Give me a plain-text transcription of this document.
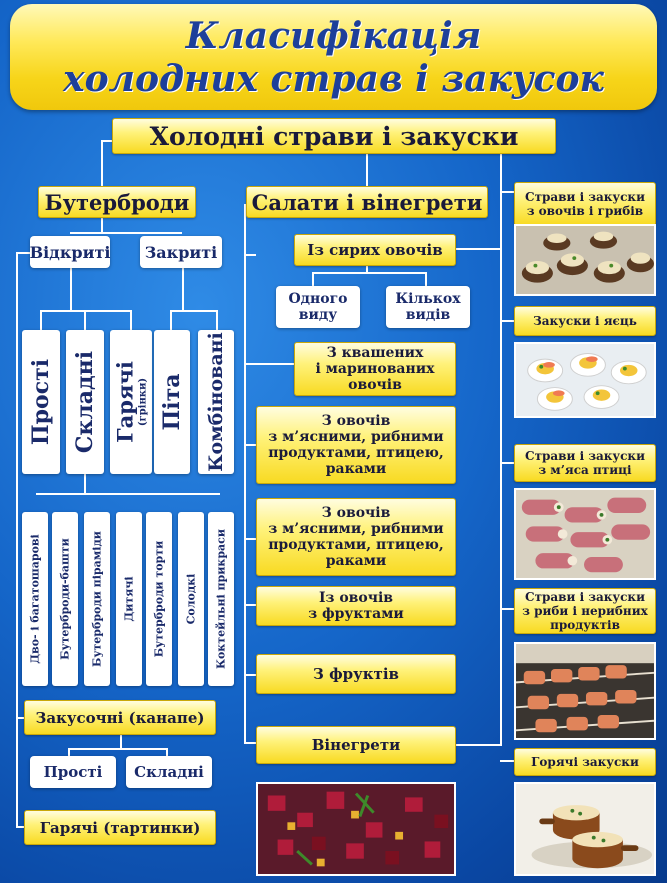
Класифікація
холодних страв і закусок
Холодні страви і закуски
Бутерброди
Відкриті Закриті
Прості Складні Гарячі (грінки) Піта Комбіновані
Дво- і багатошарові Бутерброди-башти Бутерброди піраміди Дитячі Бутерброди торти Солодкі Коктейльні прикраси
Закусочні (канапе)
Прості	Складні
Гарячі (тартинки)
Салати і вінегрети
Із сирих овочів
Одного
виду
Кількох
видів
З квашених
і маринованих
овочів
З овочів
з м’ясними, рибними
продуктами, птицею,
раками
З овочів
з м’ясними, рибними
продуктами, птицею,
раками
Із овочів
з фруктами
З фруктів
Вінегрети
Страви і закуски
з овочів і грибів
Закуски і яєць
Страви і закуски
з м’яса птиці
Страви і закуски
з риби і нерибних
продуктів
Горячі закуски
